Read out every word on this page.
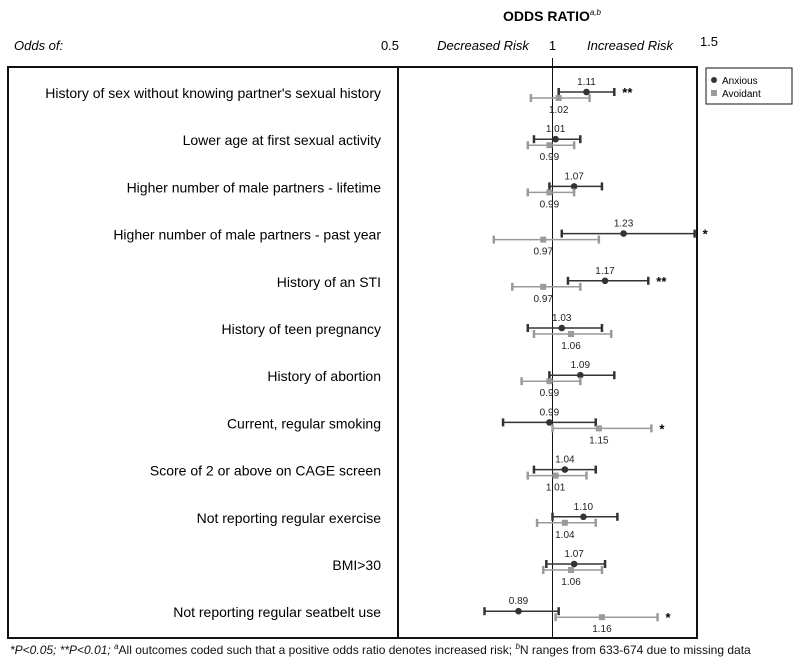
ODDS RATIO$^{a,b}$
Odds of:	Decreased Risk	Increased Risk
0.5	1	1.5
History of sex without knowing partner's sexual history
1.11
1.02
**
Lower age at first sexual activity
1.01
0.99
Higher number of male partners - lifetime
1.07
0.99
Higher number of male partners - past year
1.23
0.97
*
History of an STI
1.17
0.97
**
History of teen pregnancy
1.03
1.06
History of abortion
1.09
0.99
Current, regular smoking
0.99
1.15
*
Score of 2 or above on CAGE screen
1.04
1.01
Not reporting regular exercise
1.10
1.04
BMI>30
1.07
1.06
Not reporting regular seatbelt use
0.89
1.16
*
Anxious
Avoidant
*P<0.05; **P<0.01; $^a$All outcomes coded such that a positive odds ratio denotes increased risk; $^b$N ranges from 633-674 due to missing data
